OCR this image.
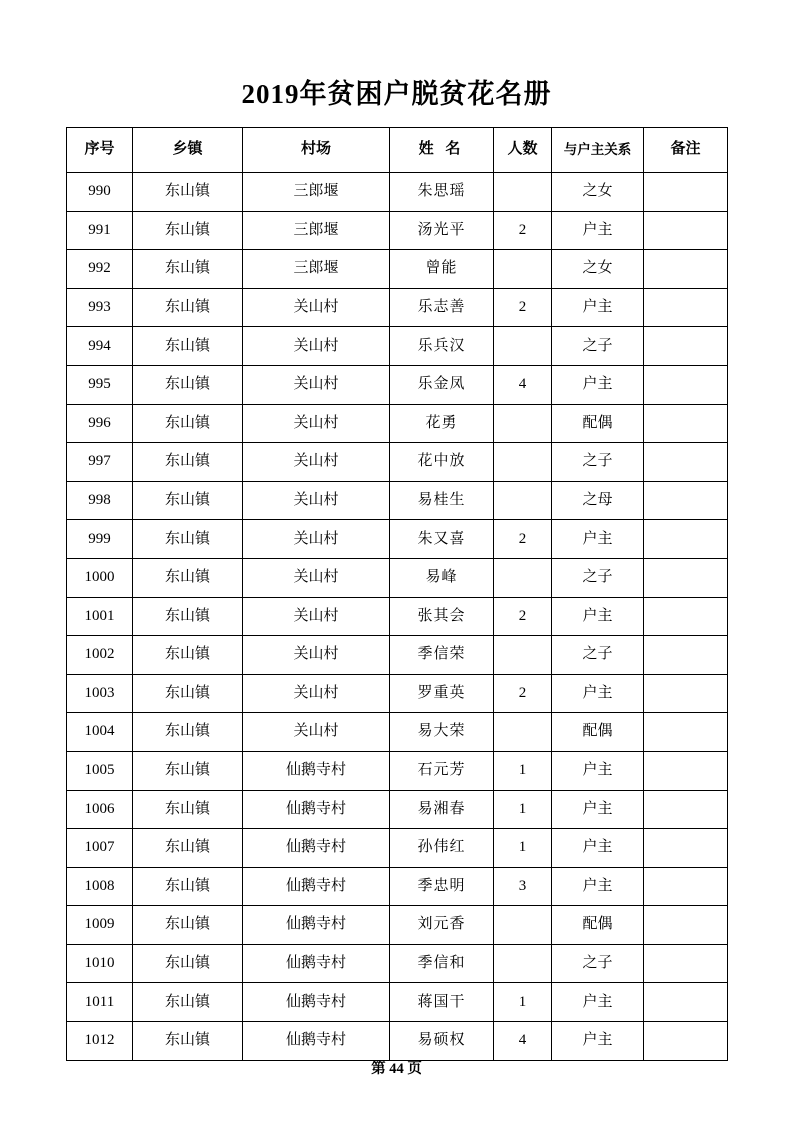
2019年贫困户脱贫花名册
序号	乡镇	村场	姓 名	人数	与户主关系	备注
990	东山镇	三郎堰	朱思瑶		之女	
991	东山镇	三郎堰	汤光平	2	户主	
992	东山镇	三郎堰	曾能		之女	
993	东山镇	关山村	乐志善	2	户主	
994	东山镇	关山村	乐兵汉		之子	
995	东山镇	关山村	乐金凤	4	户主	
996	东山镇	关山村	花勇		配偶	
997	东山镇	关山村	花中放		之子	
998	东山镇	关山村	易桂生		之母	
999	东山镇	关山村	朱又喜	2	户主	
1000	东山镇	关山村	易峰		之子	
1001	东山镇	关山村	张其会	2	户主	
1002	东山镇	关山村	季信荣		之子	
1003	东山镇	关山村	罗重英	2	户主	
1004	东山镇	关山村	易大荣		配偶	
1005	东山镇	仙鹅寺村	石元芳	1	户主	
1006	东山镇	仙鹅寺村	易湘春	1	户主	
1007	东山镇	仙鹅寺村	孙伟红	1	户主	
1008	东山镇	仙鹅寺村	季忠明	3	户主	
1009	东山镇	仙鹅寺村	刘元香		配偶	
1010	东山镇	仙鹅寺村	季信和		之子	
1011	东山镇	仙鹅寺村	蒋国干	1	户主	
1012	东山镇	仙鹅寺村	易硕权	4	户主	
第 44 页
